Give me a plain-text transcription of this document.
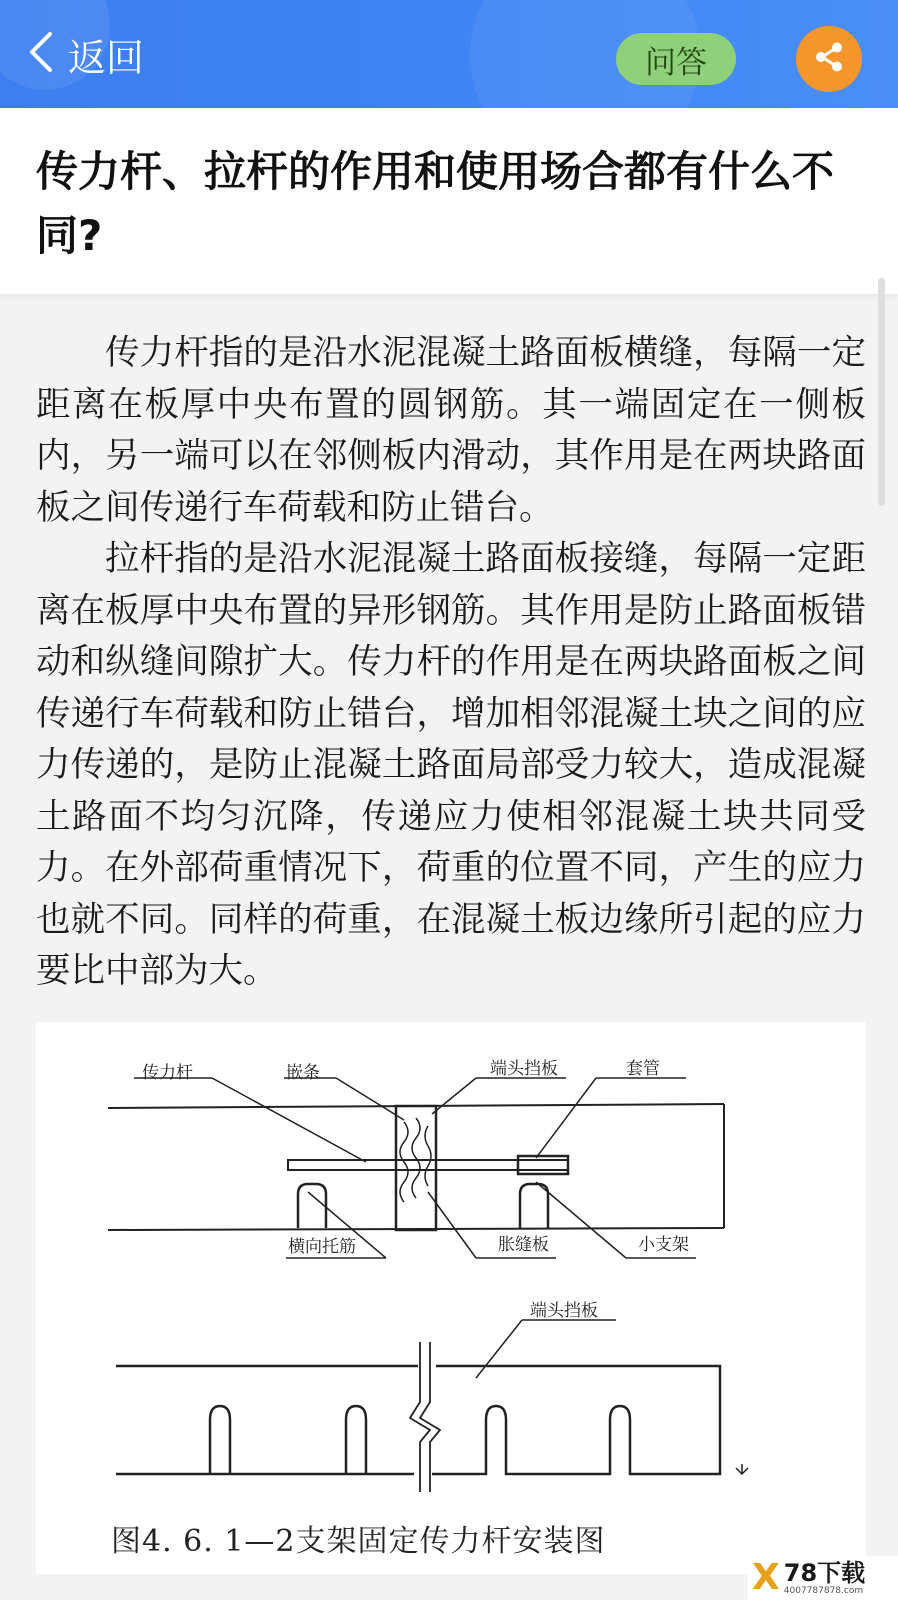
返回	问答
传力杆、拉杆的作用和使用场合都有什么不同?

传力杆指的是沿水泥混凝土路面板横缝，每隔一定距离在板厚中央布置的圆钢筋。其一端固定在一侧板内，另一端可以在邻侧板内滑动，其作用是在两块路面板之间传递行车荷载和防止错台。

拉杆指的是沿水泥混凝土路面板接缝，每隔一定距离在板厚中央布置的异形钢筋。其作用是防止路面板错动和纵缝间隙扩大。传力杆的作用是在两块路面板之间传递行车荷载和防止错台，增加相邻混凝土块之间的应力传递的，是防止混凝土路面局部受力较大，造成混凝土路面不均匀沉降，传递应力使相邻混凝土块共同受力。在外部荷重情况下，荷重的位置不同，产生的应力也就不同。同样的荷重，在混凝土板边缘所引起的应力要比中部为大。

传力杆	嵌条	端头挡板	套管
横向托筋	胀缝板	小支架
端头挡板
图4. 6. 1—2支架固定传力杆安装图
X 78下载
4007787878.com
